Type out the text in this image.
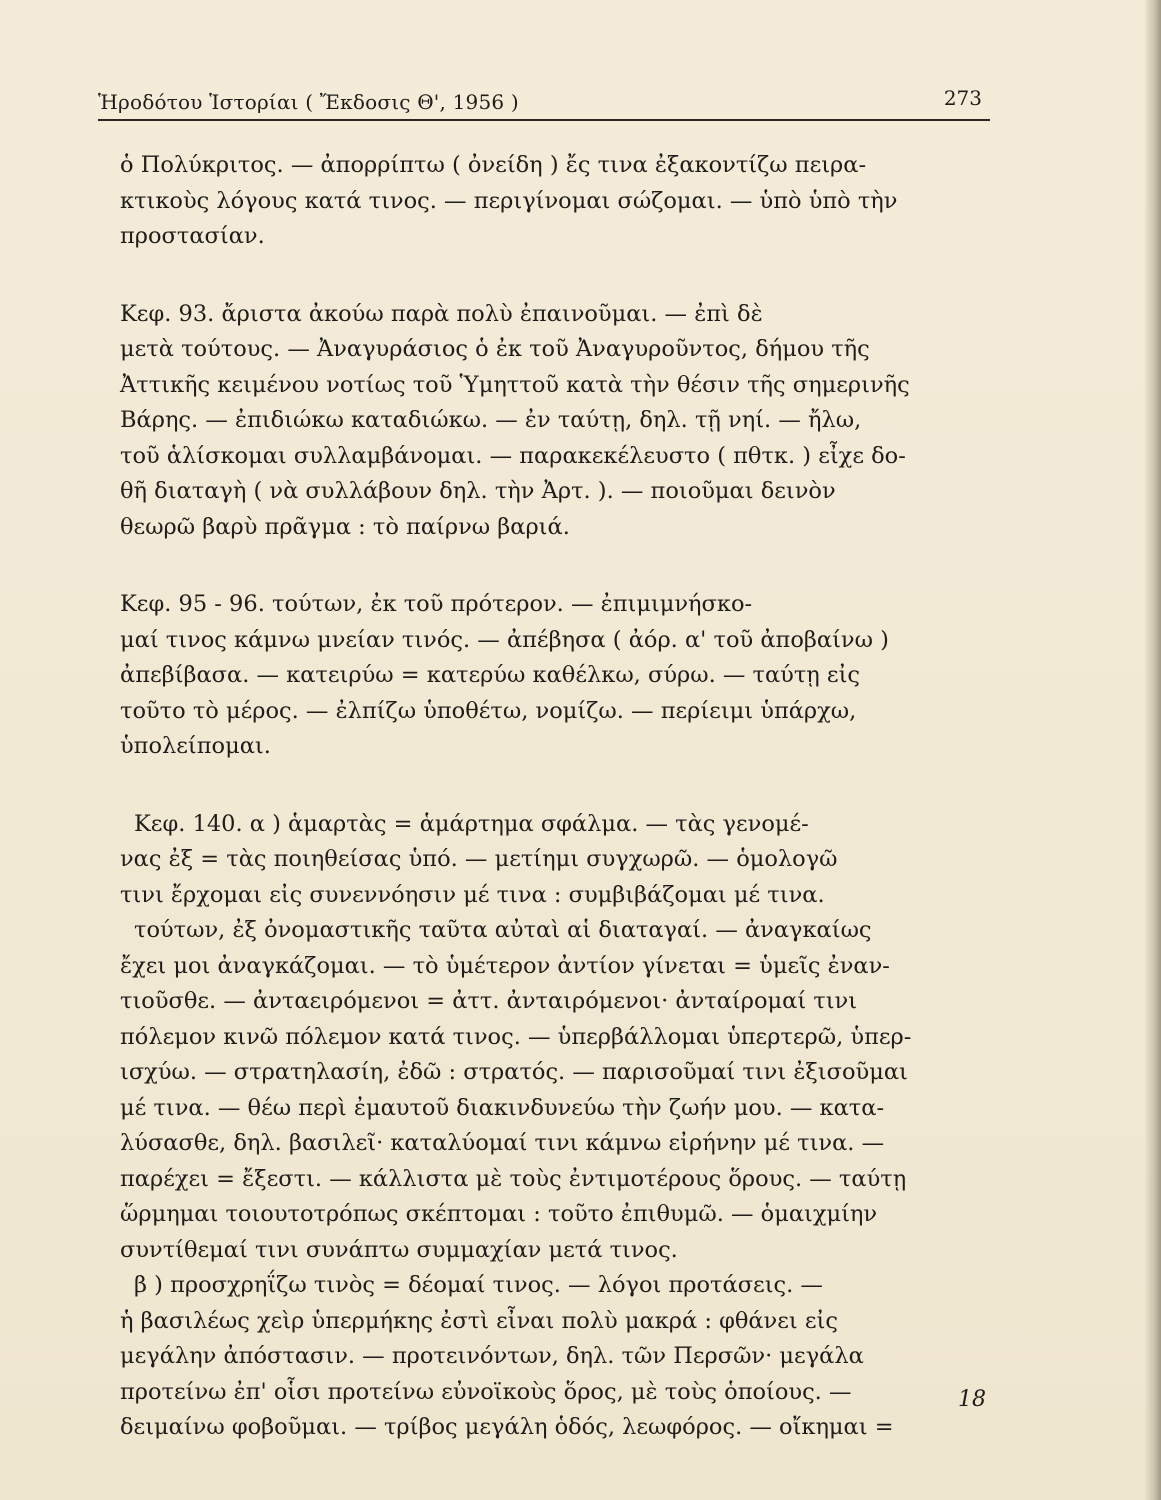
Ἡροδότου Ἱστορίαι ( Ἔκδοσις Θ', 1956 )	273
ὁ Πολύκριτος. — ἀπορρίπτω ( ὀνείδη ) ἔς τινα ἐξακοντίζω πειρα-
κτικοὺς λόγους κατά τινος. — περιγίνομαι σώζομαι. — ὑπὸ ὑπὸ τὴν
προστασίαν.
Κεφ. 93. ἄριστα ἀκούω παρὰ πολὺ ἐπαινοῦμαι. — ἐπὶ δὲ
μετὰ τούτους. — Ἀναγυράσιος ὁ ἐκ τοῦ Ἀναγυροῦντος, δήμου τῆς
Ἀττικῆς κειμένου νοτίως τοῦ Ὑμηττοῦ κατὰ τὴν θέσιν τῆς σημερινῆς
Βάρης. — ἐπιδιώκω καταδιώκω. — ἐν ταύτῃ, δηλ. τῇ νηί. — ἤλω,
τοῦ ἁλίσκομαι συλλαμβάνομαι. — παρακεκέλευστο ( πθτκ. ) εἶχε δο-
θῆ διαταγὴ ( νὰ συλλάβουν δηλ. τὴν Ἀρτ. ). — ποιοῦμαι δεινὸν
θεωρῶ βαρὺ πρᾶγμα : τὸ παίρνω βαριά.
Κεφ. 95 - 96. τούτων, ἐκ τοῦ πρότερον. — ἐπιμιμνήσκο-
μαί τινος κάμνω μνείαν τινός. — ἀπέβησα ( ἀόρ. α' τοῦ ἀποβαίνω )
ἀπεβίβασα. — κατειρύω = κατερύω καθέλκω, σύρω. — ταύτῃ εἰς
τοῦτο τὸ μέρος. — ἐλπίζω ὑποθέτω, νομίζω. — περίειμι ὑπάρχω,
ὑπολείπομαι.
Κεφ. 140. α ) ἁμαρτὰς = ἁμάρτημα σφάλμα. — τὰς γενομέ-
νας ἐξ = τὰς ποιηθείσας ὑπό. — μετίημι συγχωρῶ. — ὁμολογῶ
τινι ἔρχομαι εἰς συνεννόησιν μέ τινα : συμβιβάζομαι μέ τινα.
τούτων, ἐξ ὀνομαστικῆς ταῦτα αὐταὶ αἱ διαταγαί. — ἀναγκαίως
ἔχει μοι ἀναγκάζομαι. — τὸ ὑμέτερον ἀντίον γίνεται = ὑμεῖς ἐναν-
τιοῦσθε. — ἀνταειρόμενοι = ἀττ. ἀνταιρόμενοι· ἀνταίρομαί τινι
πόλεμον κινῶ πόλεμον κατά τινος. — ὑπερβάλλομαι ὑπερτερῶ, ὑπερ-
ισχύω. — στρατηλασίη, ἐδῶ : στρατός. — παρισοῦμαί τινι ἐξισοῦμαι
μέ τινα. — θέω περὶ ἐμαυτοῦ διακινδυνεύω τὴν ζωήν μου. — κατα-
λύσασθε, δηλ. βασιλεῖ· καταλύομαί τινι κάμνω εἰρήνην μέ τινα. —
παρέχει = ἔξεστι. — κάλλιστα μὲ τοὺς ἐντιμοτέρους ὅρους. — ταύτῃ
ὥρμημαι τοιουτοτρόπως σκέπτομαι : τοῦτο ἐπιθυμῶ. — ὁμαιχμίην
συντίθεμαί τινι συνάπτω συμμαχίαν μετά τινος.
β ) προσχρηΐζω τινὸς = δέομαί τινος. — λόγοι προτάσεις. —
ἡ βασιλέως χεὶρ ὑπερμήκης ἐστὶ εἶναι πολὺ μακρά : φθάνει εἰς
μεγάλην ἀπόστασιν. — προτεινόντων, δηλ. τῶν Περσῶν· μεγάλα
προτείνω ἐπ' οἷσι προτείνω εὐνοϊκοὺς ὅρος, μὲ τοὺς ὁποίους. —
δειμαίνω φοβοῦμαι. — τρίβος μεγάλη ὁδός, λεωφόρος. — οἴκημαι =
18
